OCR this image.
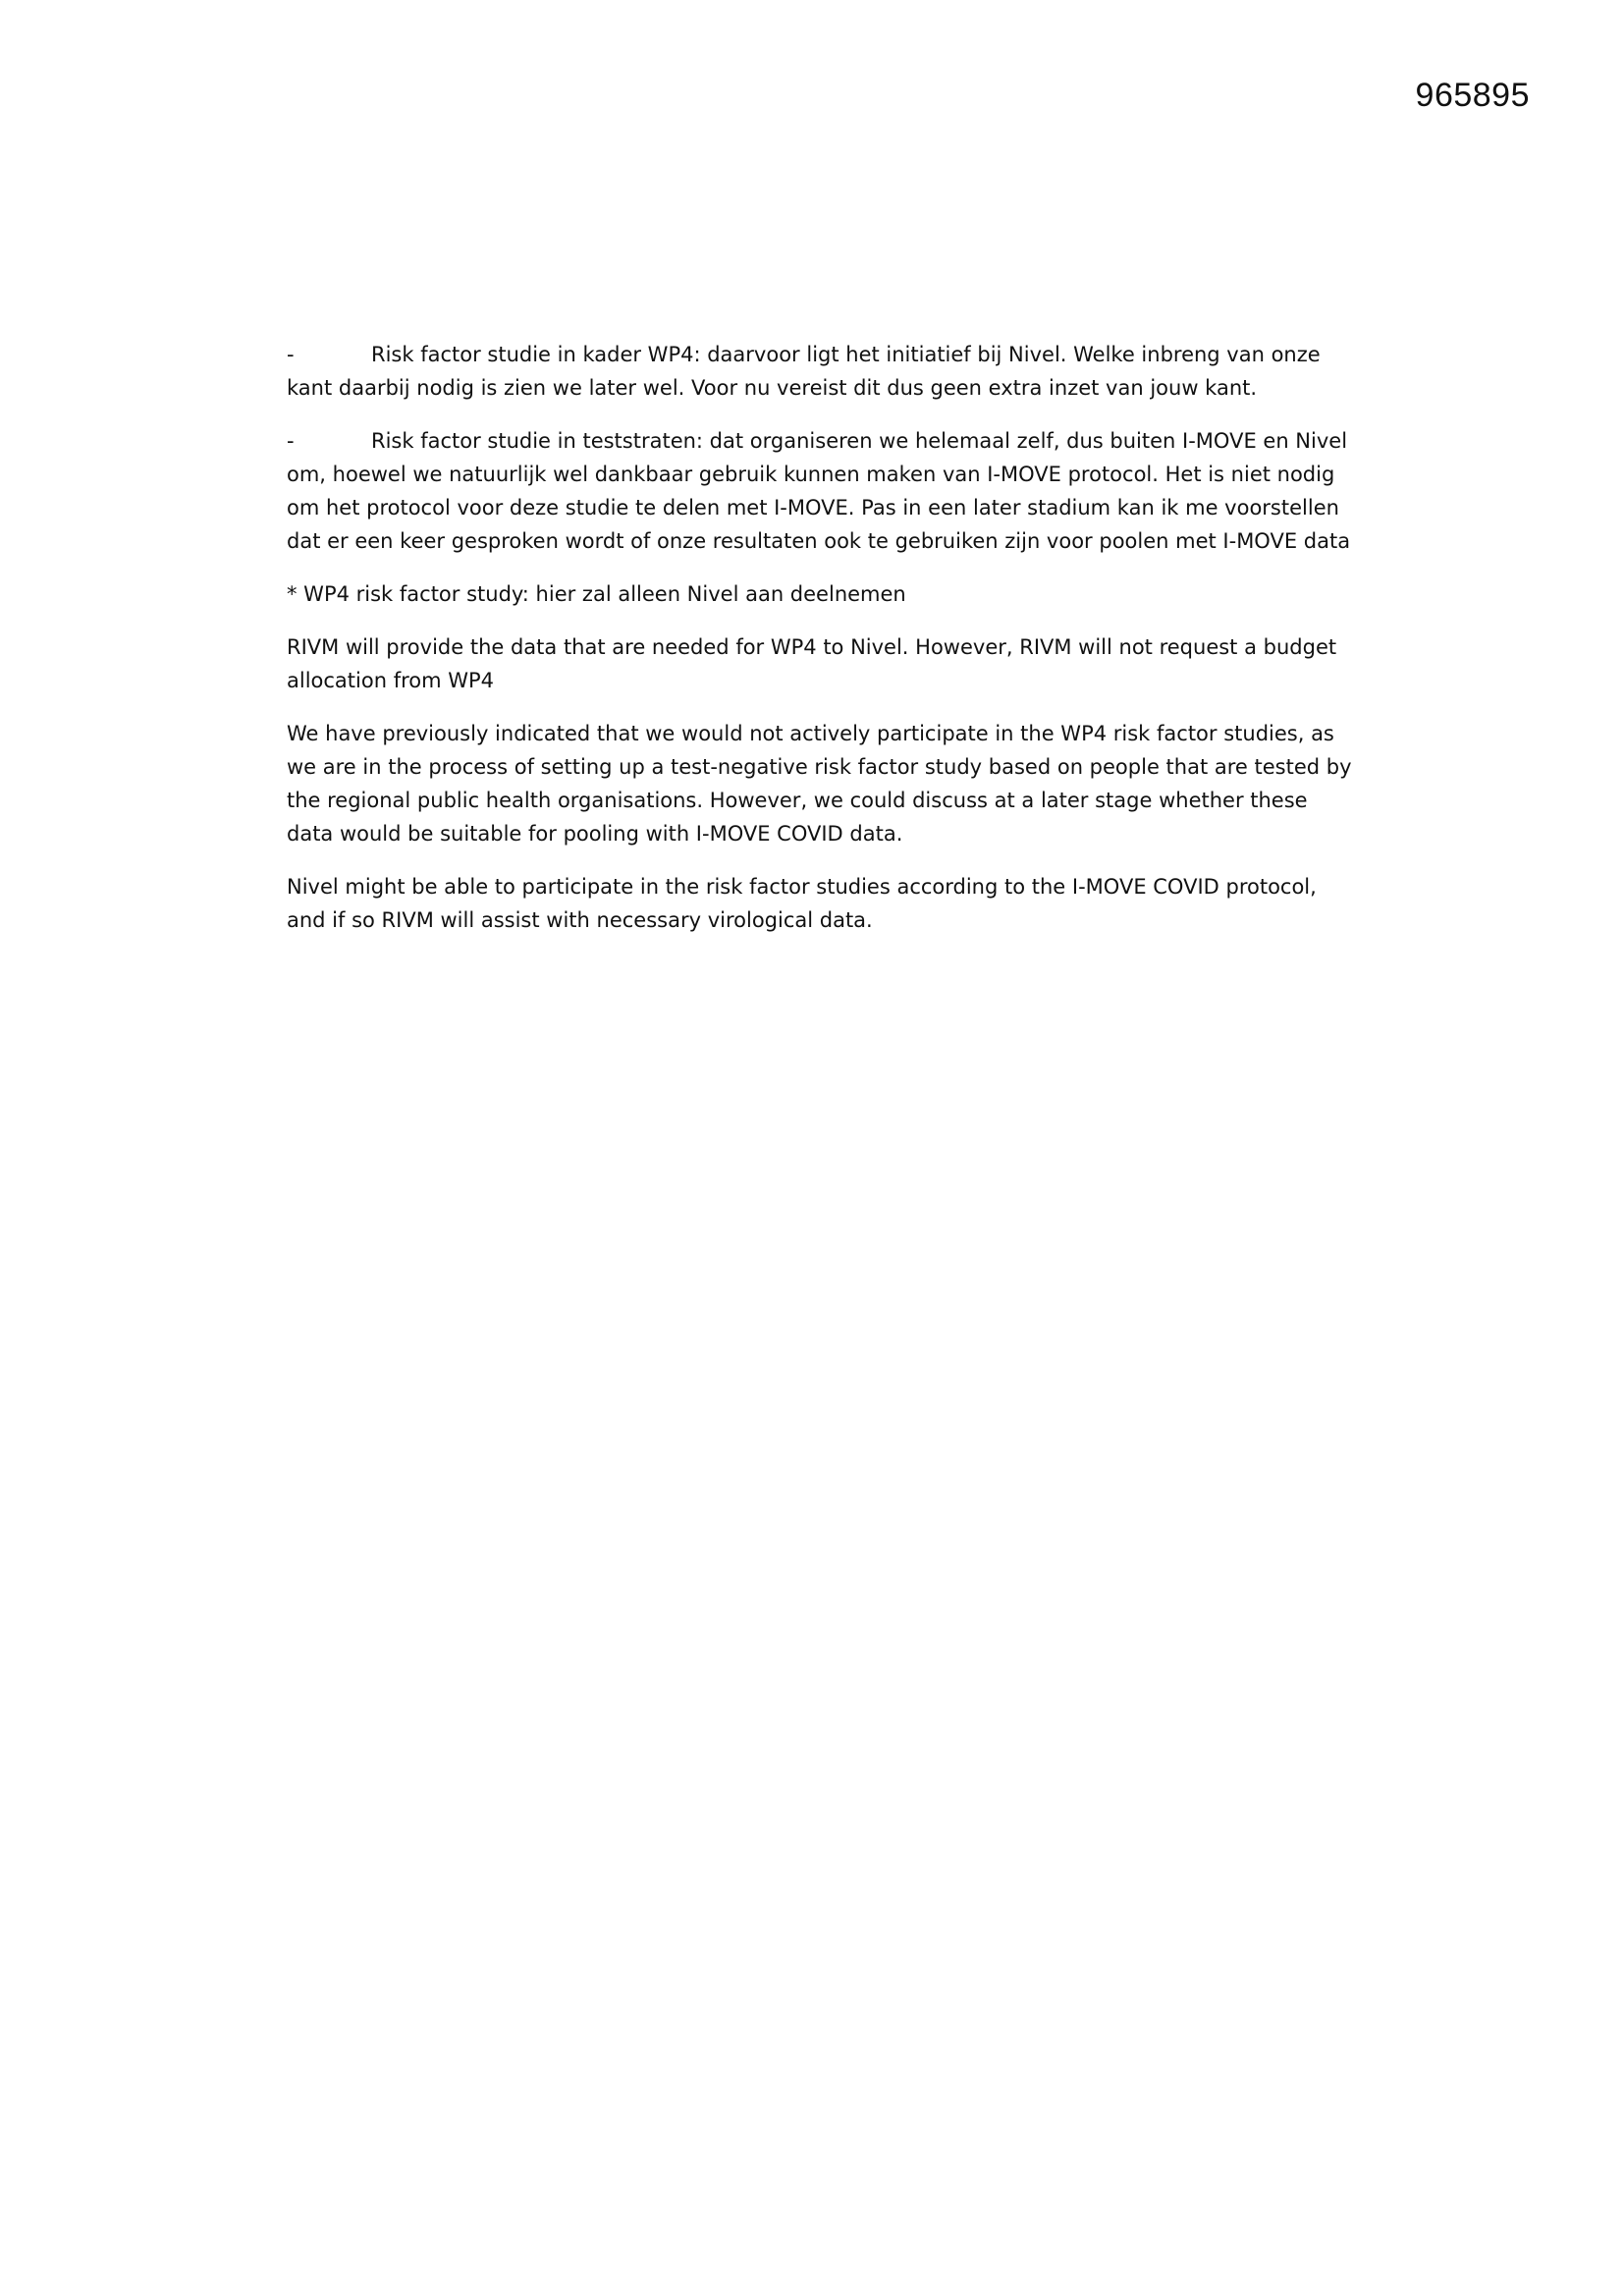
965895

-	Risk factor studie in kader WP4: daarvoor ligt het initiatief bij Nivel. Welke inbreng van onze kant daarbij nodig is zien we later wel. Voor nu vereist dit dus geen extra inzet van jouw kant.

-	Risk factor studie in teststraten: dat organiseren we helemaal zelf, dus buiten I-MOVE en Nivel om, hoewel we natuurlijk wel dankbaar gebruik kunnen maken van I-MOVE protocol. Het is niet nodig om het protocol voor deze studie te delen met I-MOVE. Pas in een later stadium kan ik me voorstellen dat er een keer gesproken wordt of onze resultaten ook te gebruiken zijn voor poolen met I-MOVE data

* WP4 risk factor study: hier zal alleen Nivel aan deelnemen

RIVM will provide the data that are needed for WP4 to Nivel. However, RIVM will not request a budget allocation from WP4

We have previously indicated that we would not actively participate in the WP4 risk factor studies, as we are in the process of setting up a test-negative risk factor study based on people that are tested by the regional public health organisations. However, we could discuss at a later stage whether these data would be suitable for pooling with I-MOVE COVID data.

Nivel might be able to participate in the risk factor studies according to the I-MOVE COVID protocol, and if so RIVM will assist with necessary virological data.
